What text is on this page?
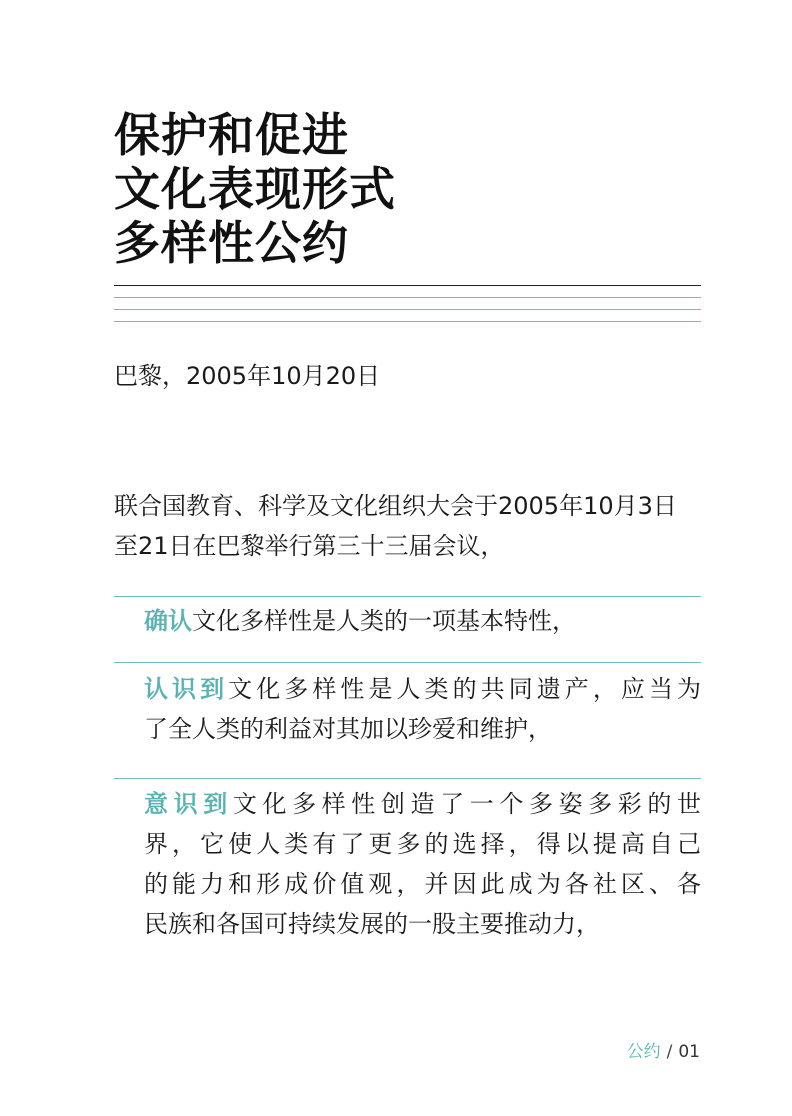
保护和促进
文化表现形式
多样性公约
巴黎，2005年10月20日
联合国教育、科学及文化组织大会于2005年10月3日
至21日在巴黎举行第三十三届会议，
确认文化多样性是人类的一项基本特性，
认识到文化多样性是人类的共同遗产，应当为
了全人类的利益对其加以珍爱和维护，
意识到文化多样性创造了一个多姿多彩的世
界，它使人类有了更多的选择，得以提高自己
的能力和形成价值观，并因此成为各社区、各
民族和各国可持续发展的一股主要推动力，
公约 / 01
